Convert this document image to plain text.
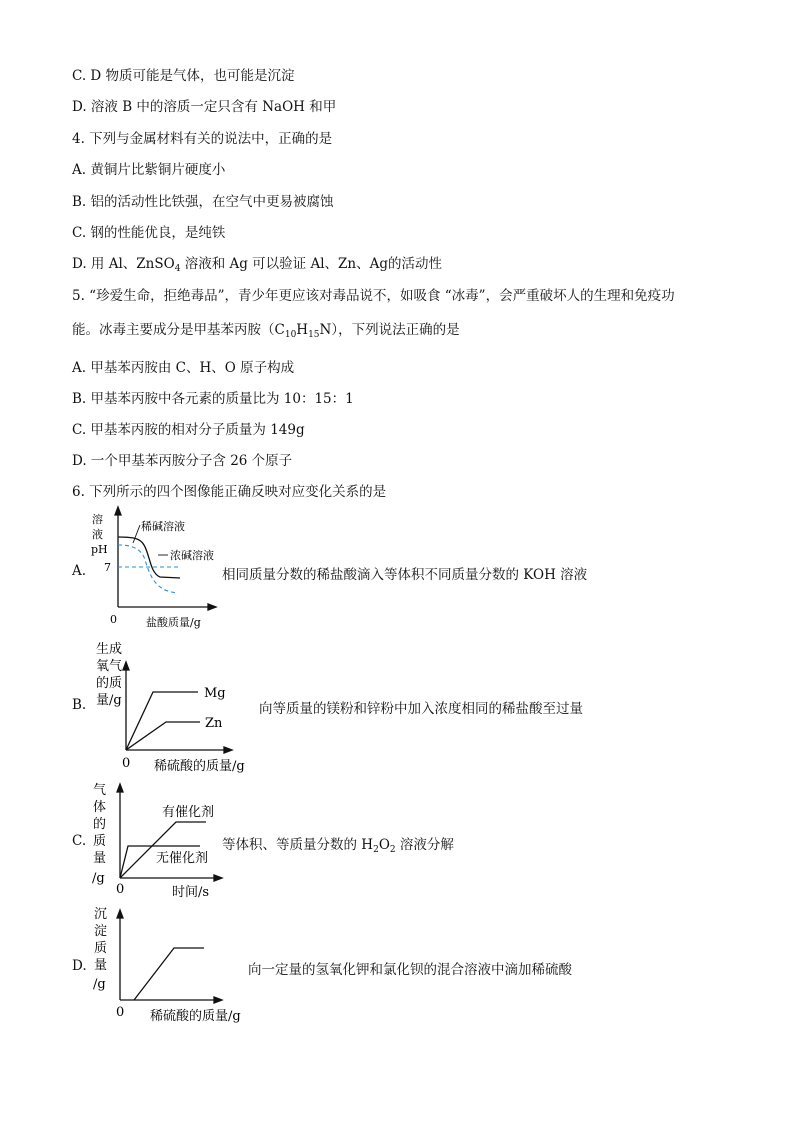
C. D 物质可能是气体，也可能是沉淀
D. 溶液 B 中的溶质一定只含有 NaOH 和甲
4. 下列与金属材料有关的说法中，正确的是
A. 黄铜片比紫铜片硬度小
B. 铝的活动性比铁强，在空气中更易被腐蚀
C. 钢的性能优良，是纯铁
D. 用 Al、ZnSO$_4$ 溶液和 Ag 可以验证 Al、Zn、Ag的活动性
5. “珍爱生命，拒绝毒品”，青少年更应该对毒品说不，如吸食 “冰毒”，会严重破坏人的生理和免疫功
能。冰毒主要成分是甲基苯丙胺$(C_{10}H_{15}N)$，下列说法正确的是
A. 甲基苯丙胺由 C、H、O 原子构成
B. 甲基苯丙胺中各元素的质量比为 10：15：1
C. 甲基苯丙胺的相对分子质量为 149g
D. 一个甲基苯丙胺分子含 26 个原子
6. 下列所示的四个图像能正确反映对应变化关系的是
A.
溶
液
pH
7
0	盐酸质量/g
稀碱溶液
浓碱溶液
相同质量分数的稀盐酸滴入等体积不同质量分数的 KOH 溶液
B.
生成
氧气
的质
量/g
0 稀硫酸的质量/g
Mg
Zn
向等质量的镁粉和锌粉中加入浓度相同的稀盐酸至过量
C.
气
体
的
质
量
/g
0	时间/s
有催化剂
无催化剂
等体积、等质量分数的 $H_2O_2$ 溶液分解
D.
沉
淀
质
量
/g
0 稀硫酸的质量/g
向一定量的氢氧化钾和氯化钡的混合溶液中滴加稀硫酸
